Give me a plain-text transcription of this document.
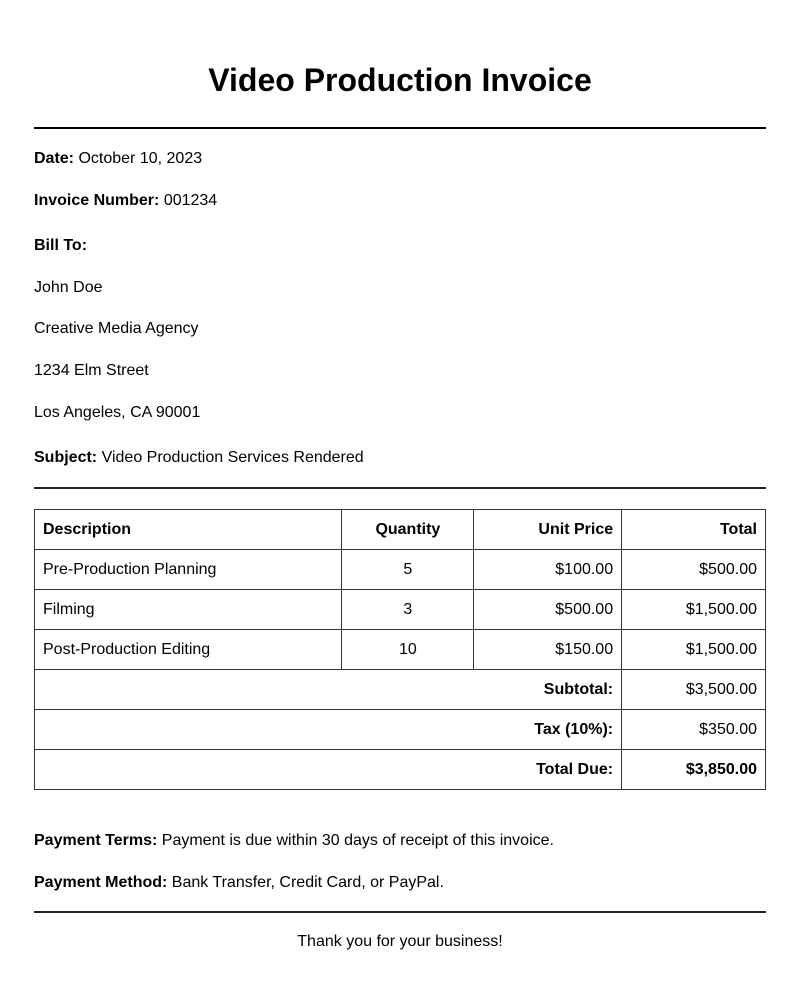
Video Production Invoice
Date: October 10, 2023
Invoice Number: 001234
Bill To:
John Doe
Creative Media Agency
1234 Elm Street
Los Angeles, CA 90001
Subject: Video Production Services Rendered
Description	Quantity	Unit Price	Total
Pre-Production Planning	5	$100.00	$500.00
Filming	3	$500.00	$1,500.00
Post-Production Editing	10	$150.00	$1,500.00
Subtotal:			$3,500.00
Tax (10%):			$350.00
Total Due:			$3,850.00
Payment Terms: Payment is due within 30 days of receipt of this invoice.
Payment Method: Bank Transfer, Credit Card, or PayPal.
Thank you for your business!
